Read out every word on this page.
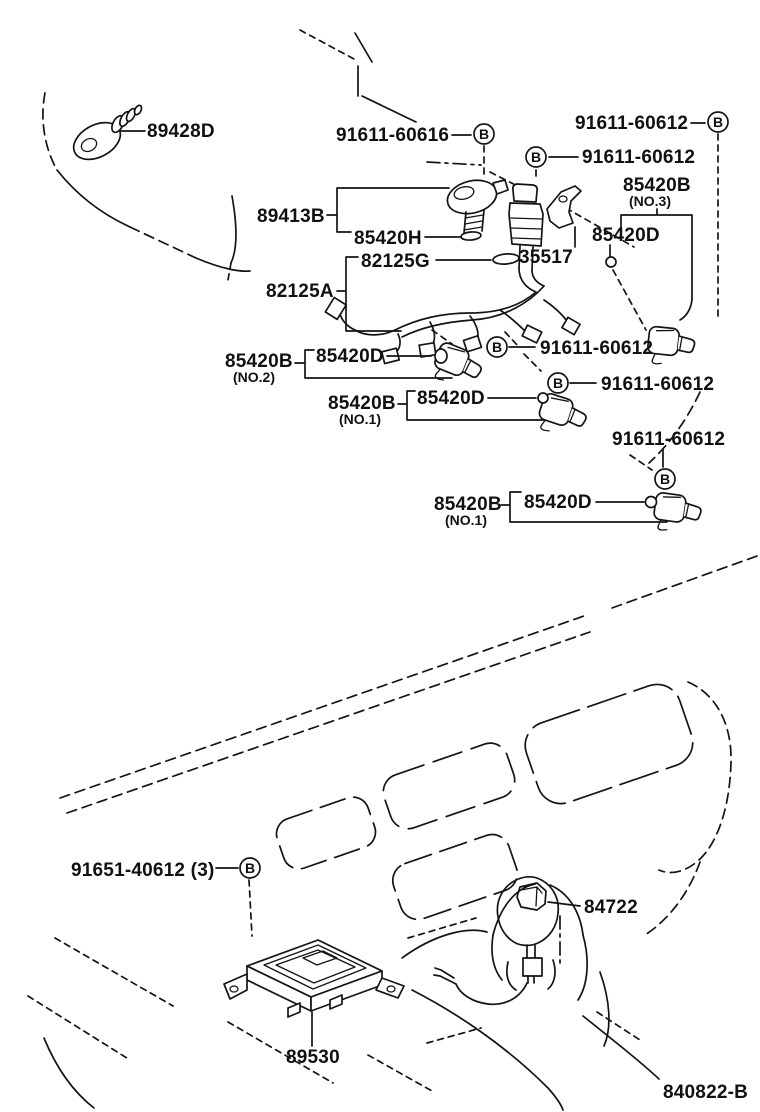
B
B
B
B
B
B
B
89428D	91611-60616
91611-60612
91611-60612
85420B
(NO.3)
85420D
89413B
85420H
82125G
82125A
35517
85420B
(NO.2)
85420D	91611-60612
91611-60612
85420B
(NO.1)
85420D
91611-60612
85420B
(NO.1)
85420D
91651-40612 (3)
84722
89530
840822-B
